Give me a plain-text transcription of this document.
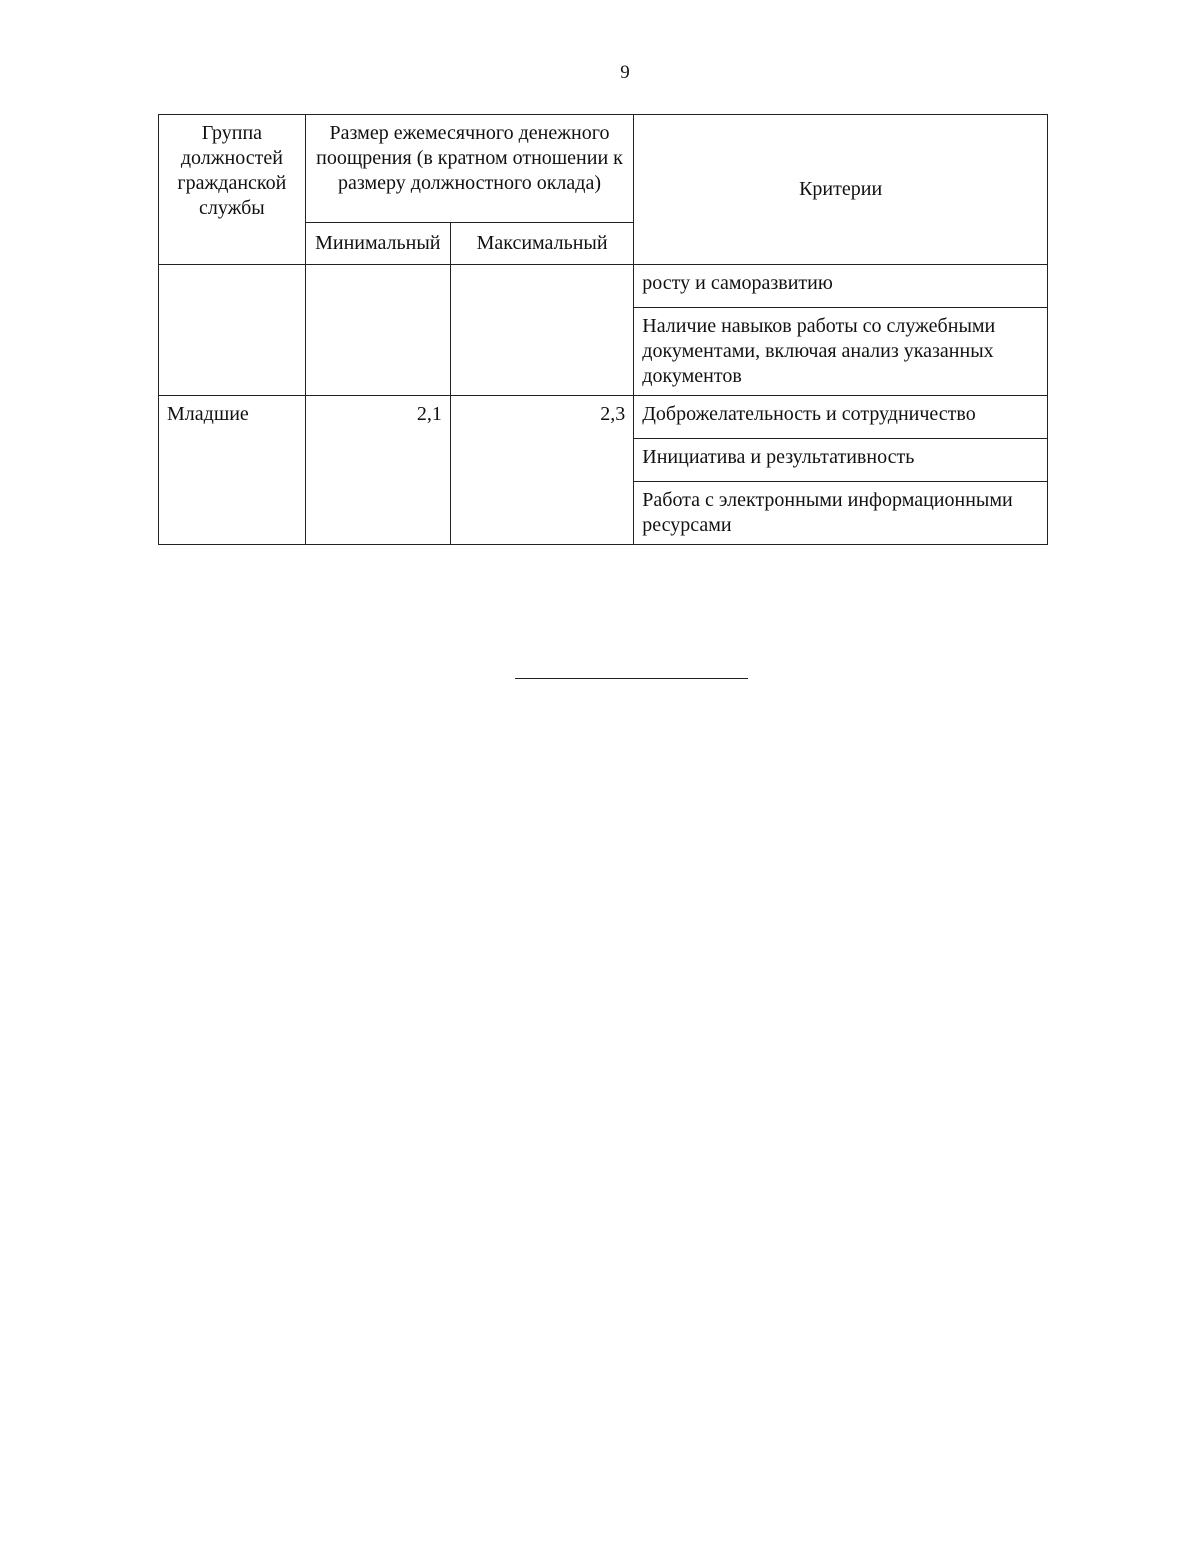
9
Группа должностей гражданской службы	Размер ежемесячного денежного поощрения (в кратном отношении к размеру должностного оклада)		Критерии
	Минимальный	Максимальный	
			росту и саморазвитию
			Наличие навыков работы со служебными документами, включая анализ указанных документов
Младшие	2,1	2,3	Доброжелательность и сотрудничество
			Инициатива и результативность
			Работа с электронными информационными ресурсами
